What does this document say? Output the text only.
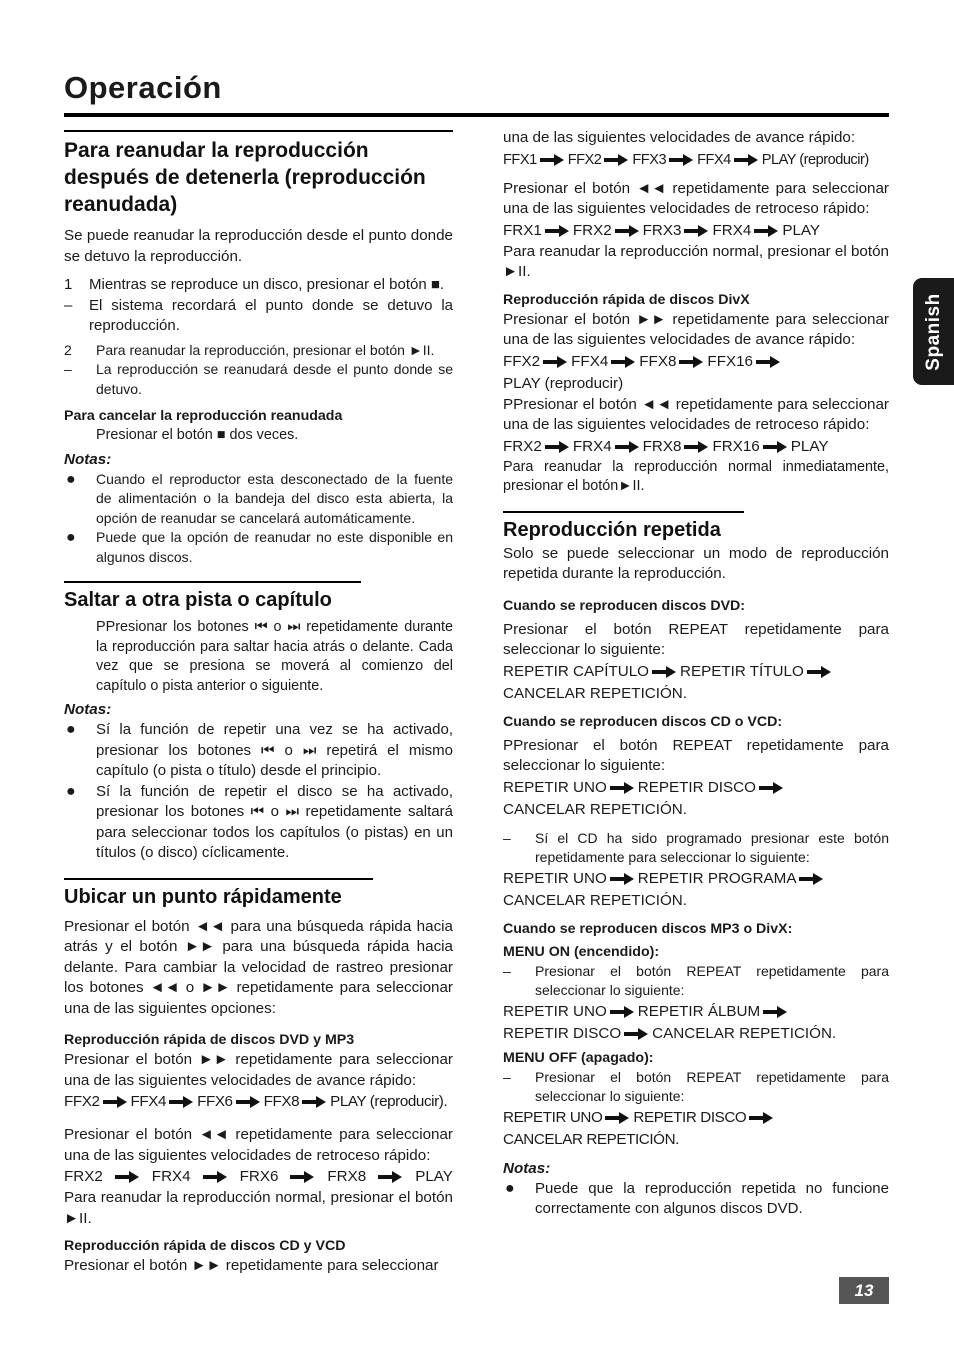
Operación
Spanish
Para reanudar la reproducción después de detenerla (reproducción reanudada)

Se puede reanudar la reproducción desde el punto donde se detuvo la reproducción.

1	Mientras se reproduce un disco, presionar el botón ■.
–	El sistema recordará el punto donde se detuvo la reproducción.
2	Para reanudar la reproducción, presionar el botón ►II.
–	La reproducción se reanudará desde el punto donde se detuvo.
Para cancelar la reproducción reanudada

Presionar el botón ■ dos veces.

Notas:
●	Cuando el reproductor esta desconectado de la fuente de alimentación o la bandeja del disco esta abierta, la opción de reanudar se cancelará automáticamente.
●	Puede que la opción de reanudar no este disponible en algunos discos.
Saltar a otra pista o capítulo

PPresionar los botones ⏮ o ⏭ repetidamente durante la reproducción para saltar hacia atrás o delante. Cada vez que se presiona se moverá al comienzo del capítulo o pista anterior o siguiente.

Notas:
●	Sí la función de repetir una vez se ha activado, presionar los botones ⏮ o ⏭ repetirá el mismo capítulo (o pista o título) desde el principio.
●	Sí la función de repetir el disco se ha activado, presionar los botones ⏮ o ⏭ repetidamente saltará para seleccionar todos los capítulos (o pistas) en un títulos (o disco) cíclicamente.
Ubicar un punto rápidamente

Presionar el botón ◄◄ para una búsqueda rápida hacia atrás y el botón ►► para una búsqueda rápida hacia delante. Para cambiar la velocidad de rastreo presionar los botones ◄◄ o ►► repetidamente para seleccionar una de las siguientes opciones:

Reproducción rápida de discos DVD y MP3

Presionar el botón ►► repetidamente para seleccionar una de las siguientes velocidades de avance rápido:

FFX2 FFX4 FFX6 FFX8 PLAY (reproducir).

Presionar el botón ◄◄ repetidamente para seleccionar una de las siguientes velocidades de retroceso rápido:

FRX2	FRX4	FRX6	FRX8	PLAY

Para reanudar la reproducción normal, presionar el botón ►II.

Reproducción rápida de discos CD y VCD

Presionar el botón ►► repetidamente para seleccionar

una de las siguientes velocidades de avance rápido:

FFX1 FFX2 FFX3 FFX4 PLAY (reproducir)

Presionar el botón ◄◄ repetidamente para seleccionar una de las siguientes velocidades de retroceso rápido:

FRX1 FRX2 FRX3 FRX4 PLAY

Para reanudar la reproducción normal, presionar el botón ►II.

Reproducción rápida de discos DivX

Presionar el botón ►► repetidamente para seleccionar una de las siguientes velocidades de avance rápido:

FFX2 FFX4 FFX8 FFX16
PLAY (reproducir)

PPresionar el botón ◄◄ repetidamente para seleccionar una de las siguientes velocidades de retroceso rápido:

FRX2 FRX4 FRX8 FRX16 PLAY

Para reanudar la reproducción normal inmediatamente, presionar el botón►II.

Reproducción repetida

Solo se puede seleccionar un modo de reproducción repetida durante la reproducción.

Cuando se reproducen discos DVD:

Presionar el botón REPEAT repetidamente para seleccionar lo siguiente:

REPETIR CAPÍTULO REPETIR TÍTULO
CANCELAR REPETICIÓN.
Cuando se reproducen discos CD o VCD:

PPresionar el botón REPEAT repetidamente para seleccionar lo siguiente:

REPETIR UNO REPETIR DISCO
CANCELAR REPETICIÓN.
–	Sí el CD ha sido programado presionar este botón repetidamente para seleccionar lo siguiente:
REPETIR UNO REPETIR PROGRAMA
CANCELAR REPETICIÓN.
Cuando se reproducen discos MP3 o DivX:
MENU ON (encendido):
–	Presionar el botón REPEAT repetidamente para seleccionar lo siguiente:
REPETIR UNO REPETIR ÁLBUM
REPETIR DISCO CANCELAR REPETICIÓN.
MENU OFF (apagado):
–	Presionar el botón REPEAT repetidamente para seleccionar lo siguiente:
REPETIR UNO REPETIR DISCO
CANCELAR REPETICIÓN.
Notas:
●	Puede que la reproducción repetida no funcione correctamente con algunos discos DVD.
13
